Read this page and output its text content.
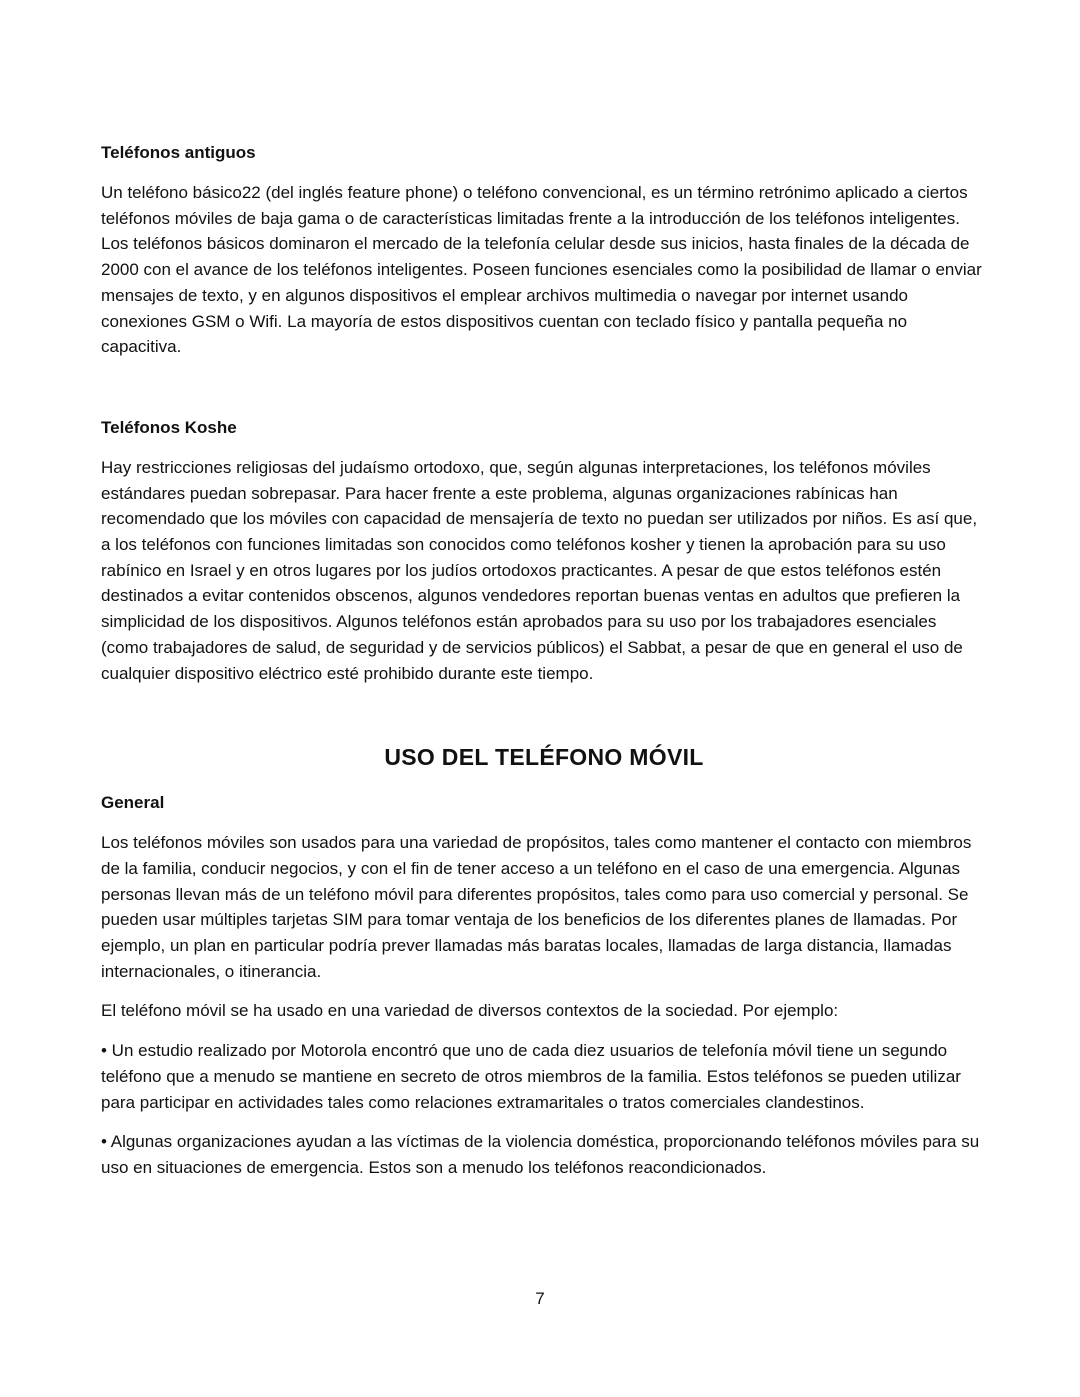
Teléfonos antiguos

Un teléfono básico22 (del inglés feature phone) o teléfono convencional, es un término retrónimo aplicado a ciertos teléfonos móviles de baja gama o de características limitadas frente a la introducción de los teléfonos inteligentes. Los teléfonos básicos dominaron el mercado de la telefonía celular desde sus inicios, hasta finales de la década de 2000 con el avance de los teléfonos inteligentes. Poseen funciones esenciales como la posibilidad de llamar o enviar mensajes de texto, y en algunos dispositivos el emplear archivos multimedia o navegar por internet usando conexiones GSM o Wifi. La mayoría de estos dispositivos cuentan con teclado físico y pantalla pequeña no capacitiva.

Teléfonos Koshe

Hay restricciones religiosas del judaísmo ortodoxo, que, según algunas interpretaciones, los teléfonos móviles estándares puedan sobrepasar. Para hacer frente a este problema, algunas organizaciones rabínicas han recomendado que los móviles con capacidad de mensajería de texto no puedan ser utilizados por niños. Es así que, a los teléfonos con funciones limitadas son conocidos como teléfonos kosher y tienen la aprobación para su uso rabínico en Israel y en otros lugares por los judíos ortodoxos practicantes. A pesar de que estos teléfonos estén destinados a evitar contenidos obscenos, algunos vendedores reportan buenas ventas en adultos que prefieren la simplicidad de los dispositivos. Algunos teléfonos están aprobados para su uso por los trabajadores esenciales (como trabajadores de salud, de seguridad y de servicios públicos) el Sabbat, a pesar de que en general el uso de cualquier dispositivo eléctrico esté prohibido durante este tiempo.

USO DEL TELÉFONO MÓVIL
General

Los teléfonos móviles son usados para una variedad de propósitos, tales como mantener el contacto con miembros de la familia, conducir negocios, y con el fin de tener acceso a un teléfono en el caso de una emergencia. Algunas personas llevan más de un teléfono móvil para diferentes propósitos, tales como para uso comercial y personal. Se pueden usar múltiples tarjetas SIM para tomar ventaja de los beneficios de los diferentes planes de llamadas. Por ejemplo, un plan en particular podría prever llamadas más baratas locales, llamadas de larga distancia, llamadas internacionales, o itinerancia.

El teléfono móvil se ha usado en una variedad de diversos contextos de la sociedad. Por ejemplo:

• Un estudio realizado por Motorola encontró que uno de cada diez usuarios de telefonía móvil tiene un segundo teléfono que a menudo se mantiene en secreto de otros miembros de la familia. Estos teléfonos se pueden utilizar para participar en actividades tales como relaciones extramaritales o tratos comerciales clandestinos.

• Algunas organizaciones ayudan a las víctimas de la violencia doméstica, proporcionando teléfonos móviles para su uso en situaciones de emergencia. Estos son a menudo los teléfonos reacondicionados.

7
